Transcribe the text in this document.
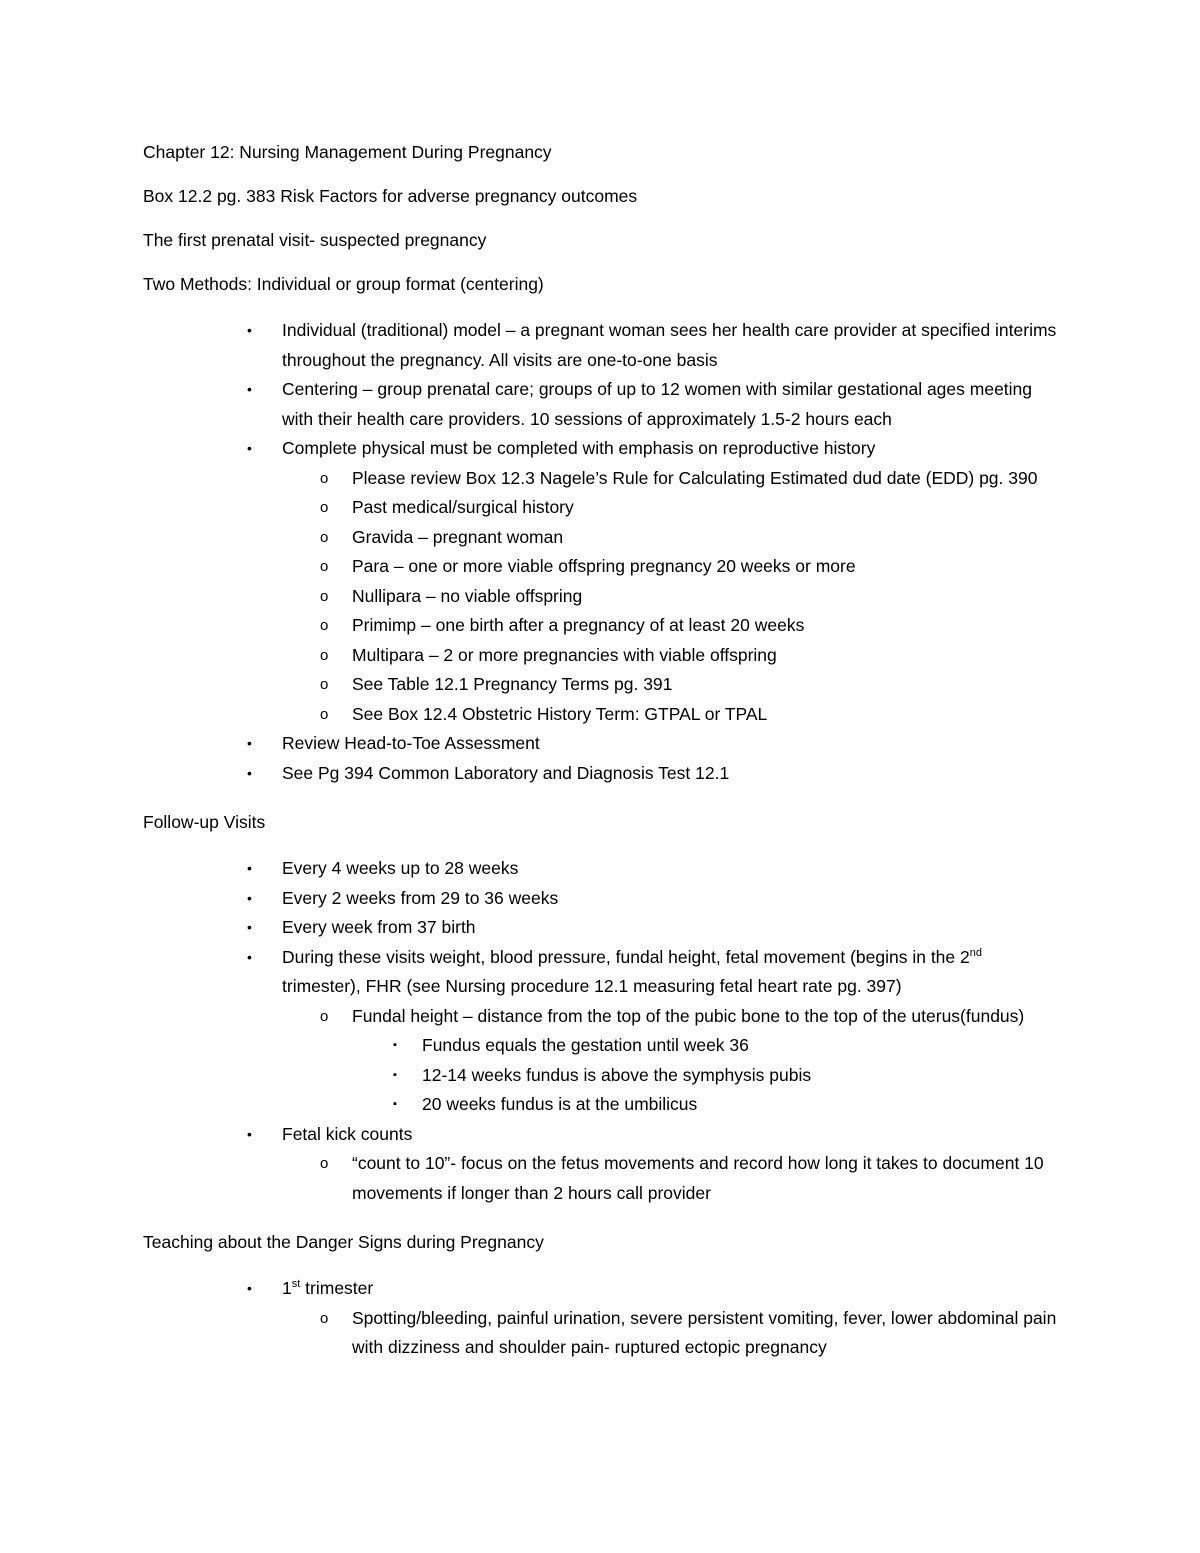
Chapter 12: Nursing Management During Pregnancy

Box 12.2 pg. 383 Risk Factors for adverse pregnancy outcomes

The first prenatal visit- suspected pregnancy

Two Methods: Individual or group format (centering)

• Individual (traditional) model – a pregnant woman sees her health care provider at specified interims throughout the pregnancy. All visits are one-to-one basis
• Centering – group prenatal care; groups of up to 12 women with similar gestational ages meeting with their health care providers. 10 sessions of approximately 1.5-2 hours each
• Complete physical must be completed with emphasis on reproductive history
o Please review Box 12.3 Nagele’s Rule for Calculating Estimated dud date (EDD) pg. 390
o Past medical/surgical history
o Gravida – pregnant woman
o Para – one or more viable offspring pregnancy 20 weeks or more
o Nullipara – no viable offspring
o Primimp – one birth after a pregnancy of at least 20 weeks
o Multipara – 2 or more pregnancies with viable offspring
o See Table 12.1 Pregnancy Terms pg. 391
o See Box 12.4 Obstetric History Term: GTPAL or TPAL
• Review Head-to-Toe Assessment
• See Pg 394 Common Laboratory and Diagnosis Test 12.1

Follow-up Visits

• Every 4 weeks up to 28 weeks
• Every 2 weeks from 29 to 36 weeks
• Every week from 37 birth
• During these visits weight, blood pressure, fundal height, fetal movement (begins in the 2nd trimester), FHR (see Nursing procedure 12.1 measuring fetal heart rate pg. 397)
o Fundal height – distance from the top of the pubic bone to the top of the uterus(fundus)
▪ Fundus equals the gestation until week 36
▪ 12-14 weeks fundus is above the symphysis pubis
▪ 20 weeks fundus is at the umbilicus
• Fetal kick counts
o “count to 10”- focus on the fetus movements and record how long it takes to document 10 movements if longer than 2 hours call provider

Teaching about the Danger Signs during Pregnancy

• 1st trimester
o Spotting/bleeding, painful urination, severe persistent vomiting, fever, lower abdominal pain with dizziness and shoulder pain- ruptured ectopic pregnancy
